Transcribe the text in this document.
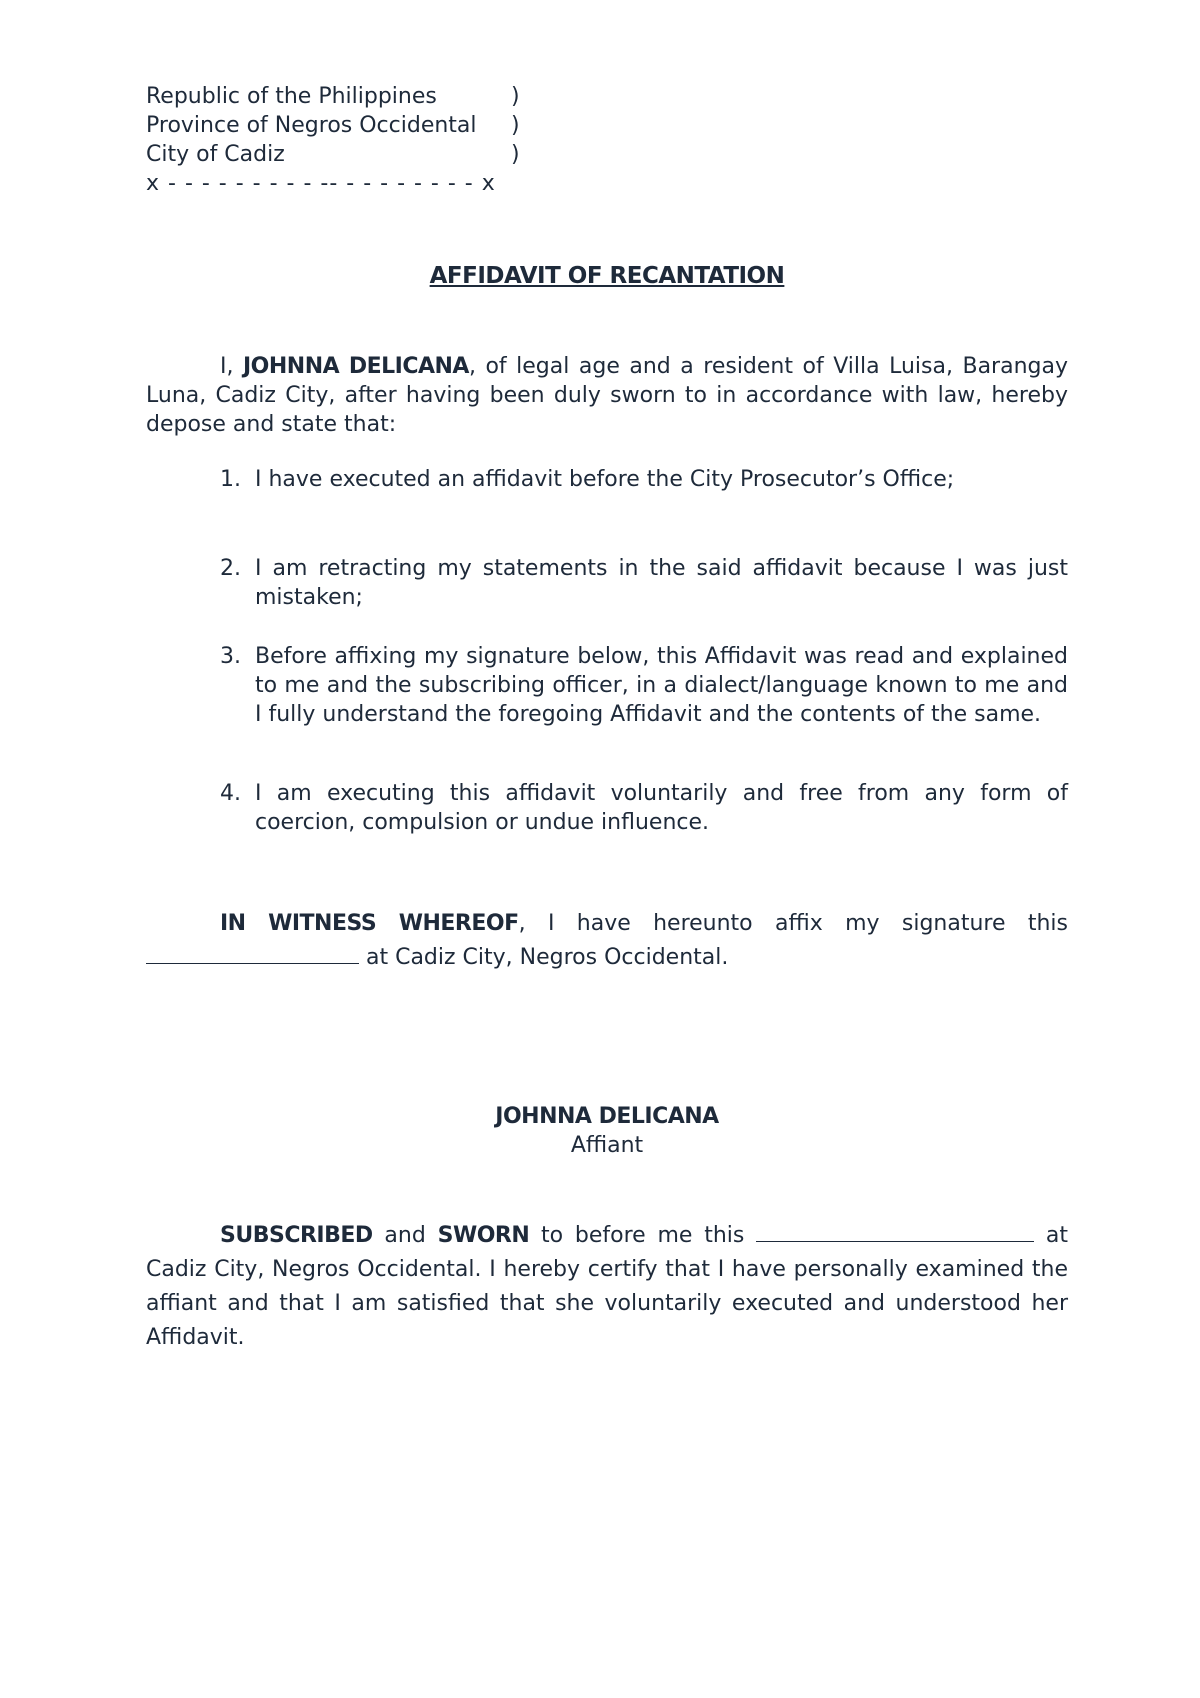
Republic of the Philippines	)
Province of Negros Occidental )
City of Cadiz	)
x - - - - - - - - - -- - - - - - - - - x
AFFIDAVIT OF RECANTATION
I, JOHNNA DELICANA, of legal age and a resident of Villa Luisa, Barangay Luna, Cadiz City, after having been duly sworn to in accordance with law, hereby depose and state that:
1. I have executed an affidavit before the City Prosecutor’s Office;
2. I am retracting my statements in the said affidavit because I was just mistaken;
3. Before affixing my signature below, this Affidavit was read and explained to me and the subscribing officer, in a dialect/language known to me and I fully understand the foregoing Affidavit and the contents of the same.
4. I am executing this affidavit voluntarily and free from any form of coercion, compulsion or undue influence.
IN WITNESS WHEREOF, I have hereunto affix my signature this  at Cadiz City, Negros Occidental.
JOHNNA DELICANA
Affiant
SUBSCRIBED and SWORN to before me this	at Cadiz City, Negros Occidental. I hereby certify that I have personally examined the affiant and that I am satisfied that she voluntarily executed and understood her Affidavit.
